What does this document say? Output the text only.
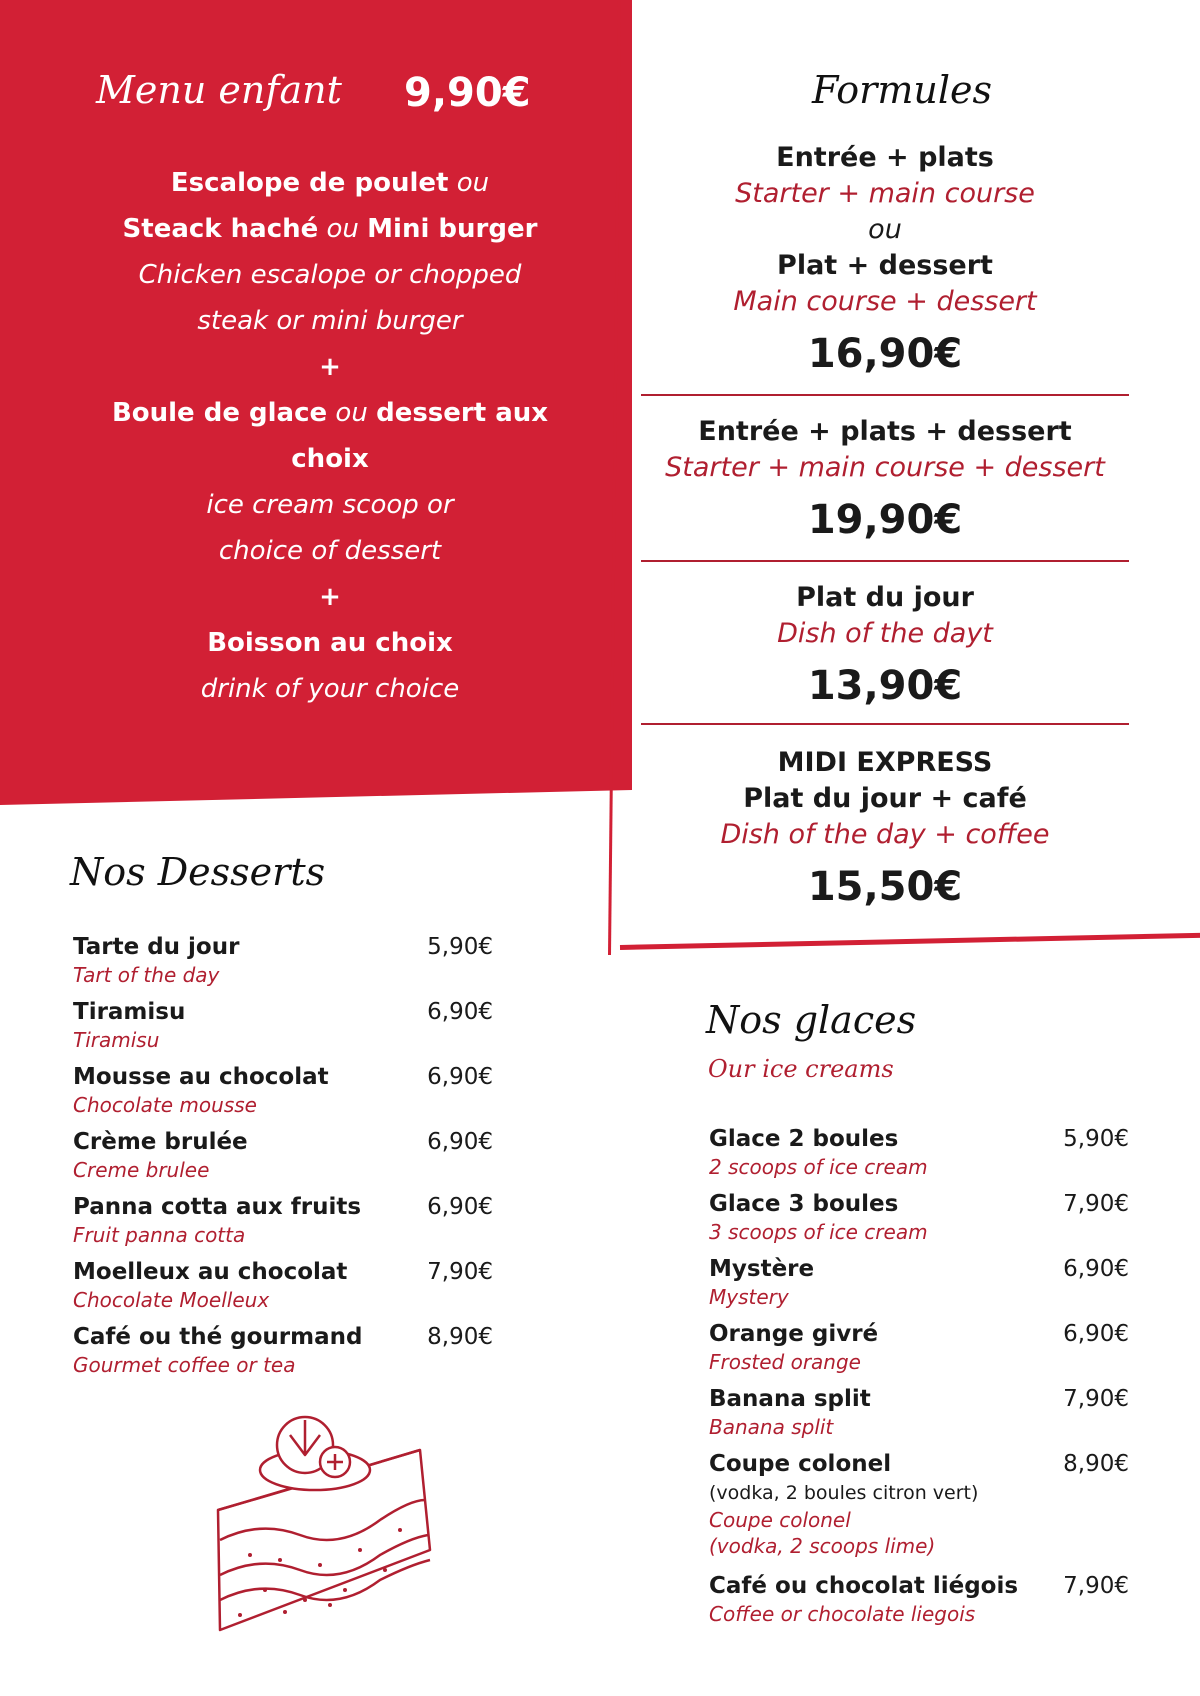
Menu enfant 9,90€
Escalope de poulet ou
Steack haché ou Mini burger
Chicken escalope or chopped
steak or mini burger
+
Boule de glace ou dessert aux
choix
ice cream scoop or
choice of dessert
+
Boisson au choix
drink of your choice
Formules
Entrée + plats
Starter + main course
ou
Plat + dessert
Main course + dessert
16,90€
Entrée + plats + dessert
Starter + main course + dessert
19,90€
Plat du jour
Dish of the dayt
13,90€
MIDI EXPRESS
Plat du jour + café
Dish of the day + coffee
15,50€
Nos Desserts
Tarte du jour
Tart of the day
5,90€
Tiramisu
Tiramisu
6,90€
Mousse au chocolat
Chocolate mousse
6,90€
Crème brulée
Creme brulee
6,90€
Panna cotta aux fruits
Fruit panna cotta
6,90€
Moelleux au chocolat
Chocolate Moelleux
7,90€
Café ou thé gourmand
Gourmet coffee or tea
8,90€
Nos glaces
Our ice creams
Glace 2 boules
2 scoops of ice cream
5,90€
Glace 3 boules
3 scoops of ice cream
7,90€
Mystère
Mystery
6,90€
Orange givré
Frosted orange
6,90€
Banana split
Banana split
7,90€
Coupe colonel
(vodka, 2 boules citron vert)
Coupe colonel
(vodka, 2 scoops lime)
8,90€
Café ou chocolat liégois
Coffee or chocolate liegois
7,90€
